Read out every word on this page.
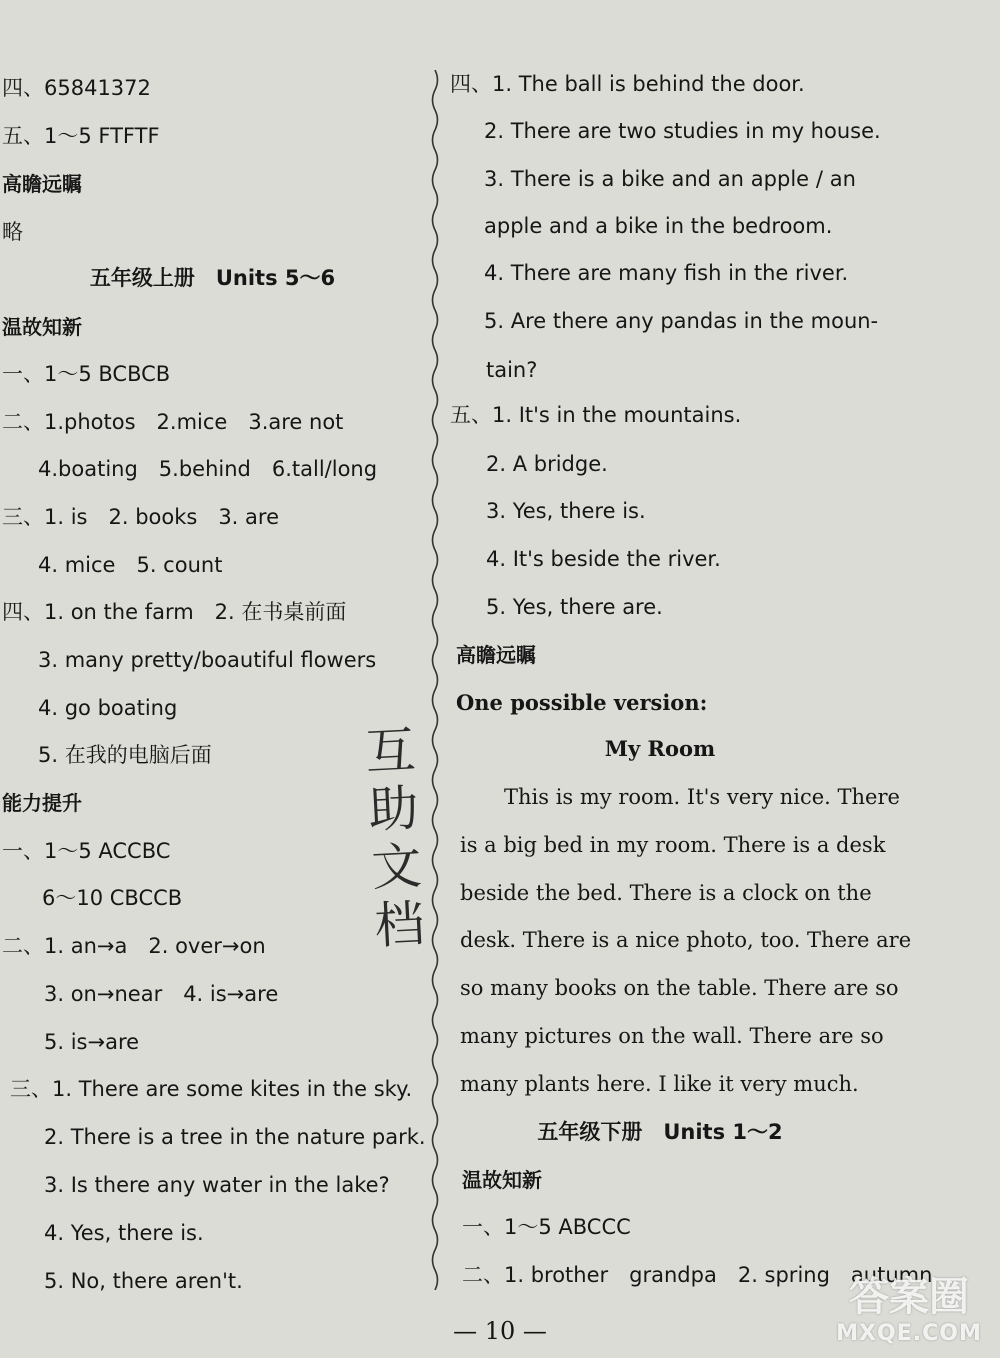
四、65841372
五、1～5 FTFTF
高瞻远瞩
略
五年级上册　Units 5～6
温故知新
一、1～5 BCBCB
二、1.photos　2.mice　3.are not
4.boating　5.behind　6.tall/long
三、1. is　2. books　3. are
4. mice　5. count
四、1. on the farm　2. 在书桌前面
3. many pretty/boautiful flowers
4. go boating
5. 在我的电脑后面
能力提升
一、1～5 ACCBC
6～10 CBCCB
二、1. an→a　2. over→on
3. on→near　4. is→are
5. is→are
三、1. There are some kites in the sky.
2. There is a tree in the nature park.
3. Is there any water in the lake?
4. Yes, there is.
5. No, there aren't.
互
助
文
档
四、1. The ball is behind the door.
2. There are two studies in my house.
3. There is a bike and an apple / an
apple and a bike in the bedroom.
4. There are many fish in the river.
5. Are there any pandas in the moun-
tain?
五、1. It's in the mountains.
2. A bridge.
3. Yes, there is.
4. It's beside the river.
5. Yes, there are.
高瞻远瞩
One possible version:
My Room
This is my room. It's very nice. There
is a big bed in my room. There is a desk
beside the bed. There is a clock on the
desk. There is a nice photo, too. There are
so many books on the table. There are so
many pictures on the wall. There are so
many plants here. I like it very much.
五年级下册　Units 1～2
温故知新
一、1～5 ABCCC
二、1. brother　grandpa　2. spring　autumn
— 10 —
答案圈
MXQE.COM
